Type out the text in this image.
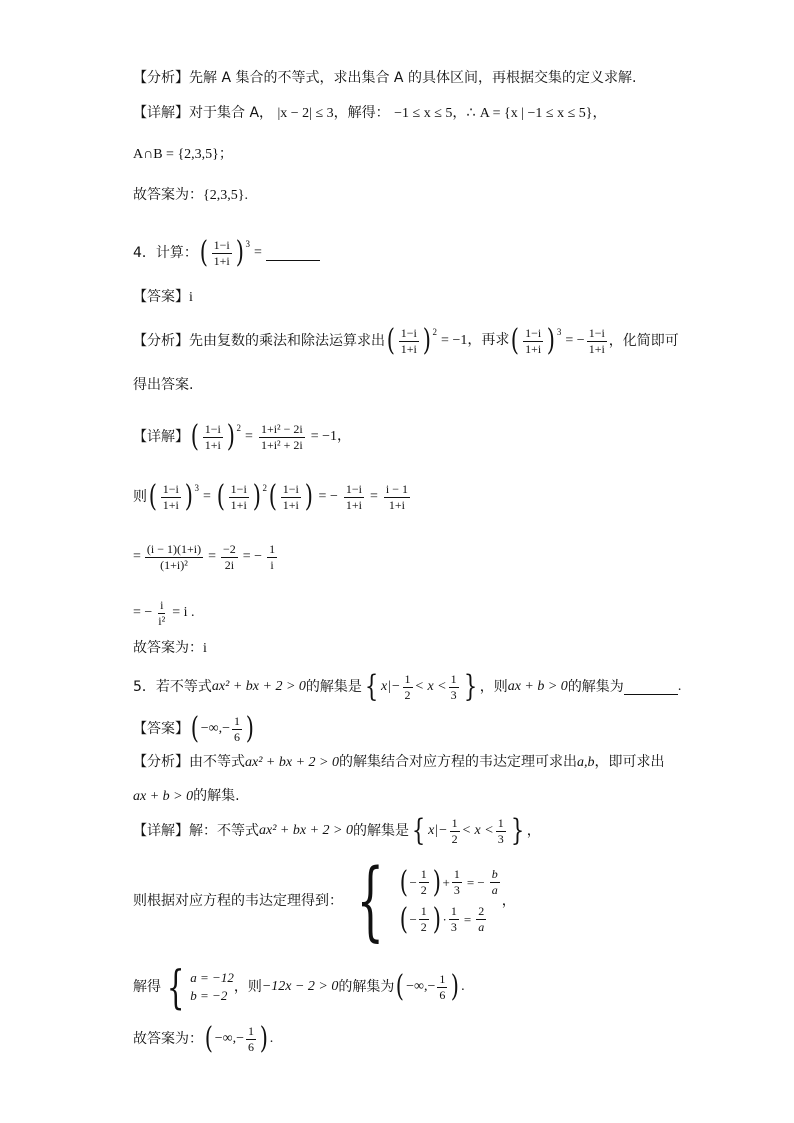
【分析】先解 A 集合的不等式，求出集合 A 的具体区间，再根据交集的定义求解.
【详解】对于集合 A， |x − 2| ≤ 3，解得： −1 ≤ x ≤ 5，∴ A = {x | −1 ≤ x ≤ 5}，
A∩B = {2,3,5}；
故答案为：{2,3,5}.
4．计算： ( $\frac{1-i}{1+i} )^3$
=
【答案】i
【分析】 先由复数的乘法和除法运算求出 ( $\frac{1-i}{1+i} )^2$
= −1，再求 ( $\frac{1-i}{1+i} )^3$
= − $\frac{1-i}{1+i}$ ，化简即可
得出答案.
【详解】 ( $\frac{1-i}{1+i} )^2$
= $\frac{\text{1+i² − 2i}}{\text{1+i² + 2i}} = -1$，
则 ( $\frac{1-i}{1+i} )^3$
= ( $\frac{1-i}{1+i} )^2$ ( $\frac{1-i}{1+i}$ ) = − $\frac{1-i}{1+i} = \frac{i - 1}{1+i}$
= $\frac{(i - 1)(1+i)}{\text{(1+i)²}} = \frac{-2}{2i}$ = − $\frac{1}{i}$
= − $\frac{i}{\text{i²}} = i$ .
故答案为：i
5．若不等式 ax² + bx + 2 > 0 的解集是 { $x|- \frac{1}{2} < x < \frac{1}{3}$ } ，则 ax + b > 0 的解集为	.
【答案】 ( −∞,− $\frac{1}{6}$ )
【分析】由不等式ax² + bx + 2 > 0的解集结合对应方程的韦达定理可求出a,b，即可求出
ax + b > 0的解集.
【详解】 解：不等式 ax² + bx + 2 > 0 的解集是 { $x|- \frac{1}{2} < x < \frac{1}{3}$ } ，
则根据对应方程的韦达定理得到： { ( − $\frac{1}{2}$ ) + $\frac{1}{3}$ = − $\frac{b}{a}$
( − $\frac{1}{2}$ ) · $\frac{1}{3} = \frac{2}{a}$
，
解得 { a = −12
b = −2
，则 −12x − 2 > 0 的解集为 ( −∞,− $\frac{1}{6}$ ) .
故答案为： ( −∞,− $\frac{1}{6}$ ) .
